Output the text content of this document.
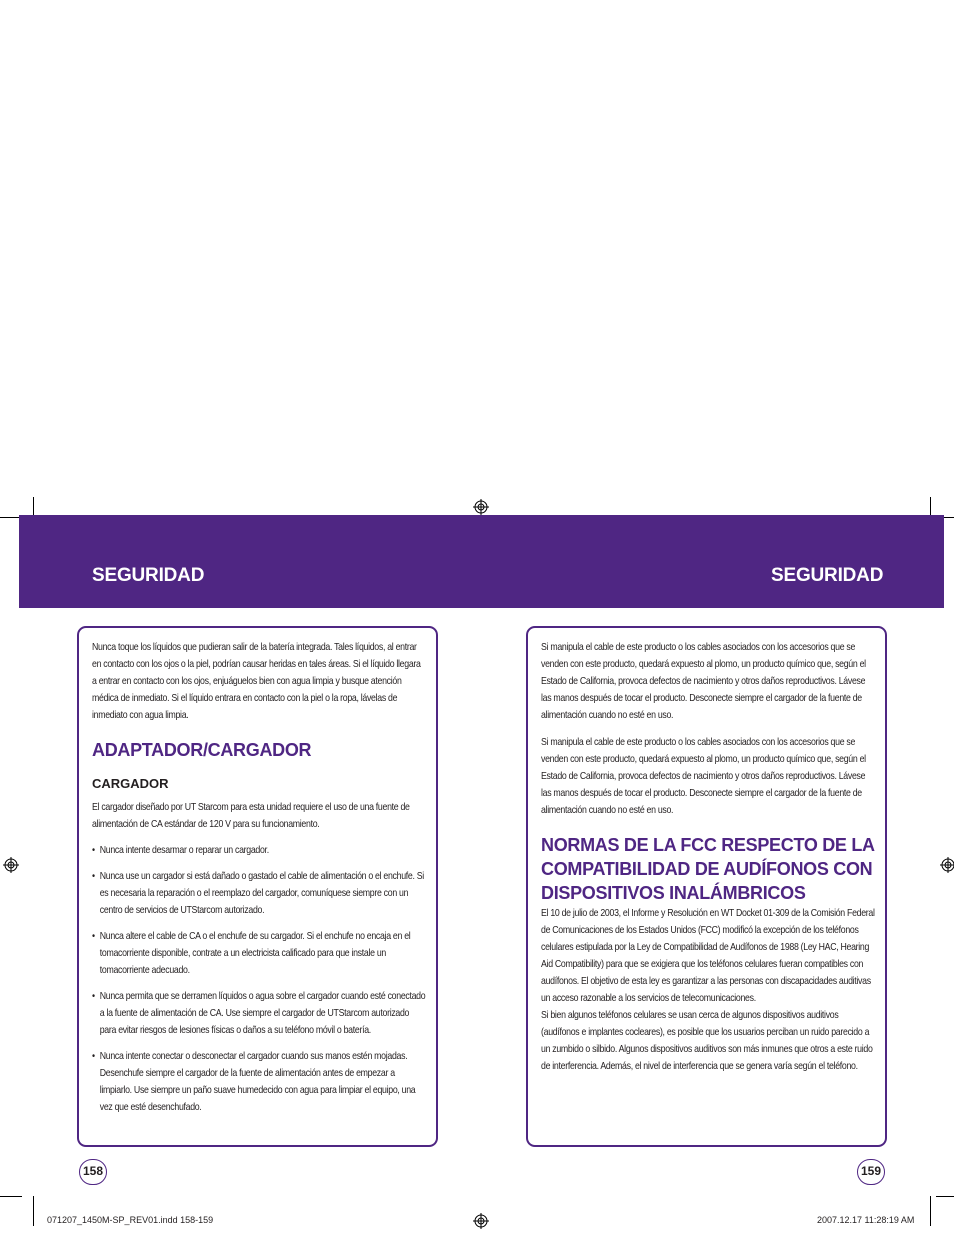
SEGURIDAD	SEGURIDAD

Nunca toque los líquidos que pudieran salir de la batería integrada. Tales líquidos, al entrar en contacto con los ojos o la piel, podrían causar heridas en tales áreas. Si el líquido llegara a entrar en contacto con los ojos, enjuáguelos bien con agua limpia y busque atención médica de inmediato. Si el líquido entrara en contacto con la piel o la ropa, lávelas de inmediato con agua limpia.

ADAPTADOR/CARGADOR
CARGADOR

El cargador diseñado por UT Starcom para esta unidad requiere el uso de una fuente de alimentación de CA estándar de 120 V para su funcionamiento.

• Nunca intente desarmar o reparar un cargador.
• Nunca use un cargador si está dañado o gastado el cable de alimentación o el enchufe. Si es necesaria la reparación o el reemplazo del cargador, comuníquese siempre con un centro de servicios de UTStarcom autorizado.
• Nunca altere el cable de CA o el enchufe de su cargador. Si el enchufe no encaja en el tomacorriente disponible, contrate a un electricista calificado para que instale un tomacorriente adecuado.
• Nunca permita que se derramen líquidos o agua sobre el cargador cuando esté conectado a la fuente de alimentación de CA. Use siempre el cargador de UTStarcom autorizado para evitar riesgos de lesiones físicas o daños a su teléfono móvil o batería.
• Nunca intente conectar o desconectar el cargador cuando sus manos estén mojadas. Desenchufe siempre el cargador de la fuente de alimentación antes de empezar a limpiarlo. Use siempre un paño suave humedecido con agua para limpiar el equipo, una vez que esté desenchufado.

Si manipula el cable de este producto o los cables asociados con los accesorios que se venden con este producto, quedará expuesto al plomo, un producto químico que, según el Estado de California, provoca defectos de nacimiento y otros daños reproductivos. Lávese las manos después de tocar el producto. Desconecte siempre el cargador de la fuente de alimentación cuando no esté en uso.

Si manipula el cable de este producto o los cables asociados con los accesorios que se venden con este producto, quedará expuesto al plomo, un producto químico que, según el Estado de California, provoca defectos de nacimiento y otros daños reproductivos. Lávese las manos después de tocar el producto. Desconecte siempre el cargador de la fuente de alimentación cuando no esté en uso.

NORMAS DE LA FCC RESPECTO DE LA COMPATIBILIDAD DE AUDÍFONOS CON DISPOSITIVOS INALÁMBRICOS

El 10 de julio de 2003, el Informe y Resolución en WT Docket 01-309 de la Comisión Federal de Comunicaciones de los Estados Unidos (FCC) modificó la excepción de los teléfonos celulares estipulada por la Ley de Compatibilidad de Audífonos de 1988 (Ley HAC, Hearing Aid Compatibility) para que se exigiera que los teléfonos celulares fueran compatibles con audífonos. El objetivo de esta ley es garantizar a las personas con discapacidades auditivas un acceso razonable a los servicios de telecomunicaciones.

Si bien algunos teléfonos celulares se usan cerca de algunos dispositivos auditivos (audífonos e implantes cocleares), es posible que los usuarios perciban un ruido parecido a un zumbido o silbido. Algunos dispositivos auditivos son más inmunes que otros a este ruido de interferencia. Además, el nivel de interferencia que se genera varía según el teléfono.

158	159
071207_1450M-SP_REV01.indd 158-159	2007.12.17 11:28:19 AM
